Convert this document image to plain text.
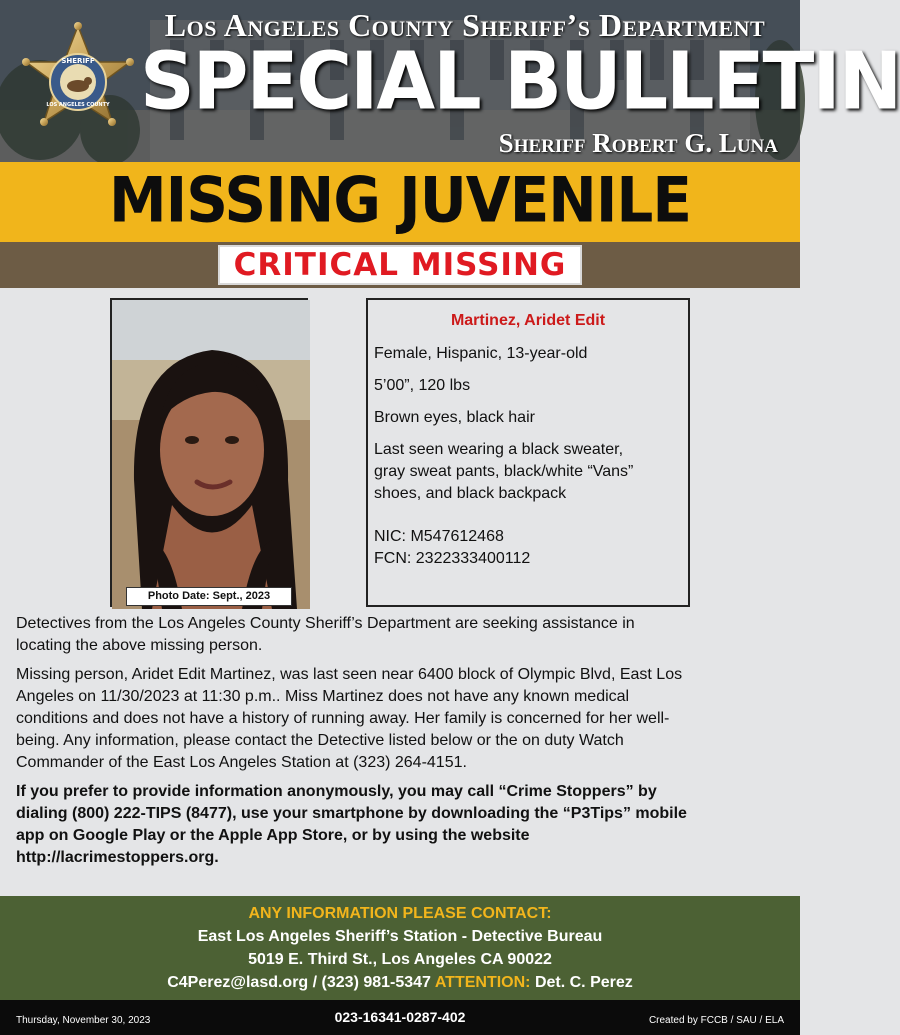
SHERIFF
LOS ANGELES COUNTY
Los Angeles County Sheriff’s Department
SPECIAL BULLETIN
Sheriff Robert G. Luna
MISSING JUVENILE
CRITICAL MISSING
Photo Date: Sept., 2023
Martinez, Aridet Edit
Female, Hispanic, 13-year-old
5’00”, 120 lbs
Brown eyes, black hair
Last seen wearing a black sweater,
gray sweat pants, black/white “Vans”
shoes, and black backpack
NIC: M547612468
FCN: 2322333400112
Detectives from the Los Angeles County Sheriff’s Department are seeking assistance in
locating the above missing person.
Missing person, Aridet Edit Martinez, was last seen near 6400 block of Olympic Blvd, East Los
Angeles on 11/30/2023 at 11:30 p.m.. Miss Martinez does not have any known medical
conditions and does not have a history of running away. Her family is concerned for her well-
being. Any information, please contact the Detective listed below or the on duty Watch
Commander of the East Los Angeles Station at (323) 264-4151.
If you prefer to provide information anonymously, you may call “Crime Stoppers” by
dialing (800) 222-TIPS (8477), use your smartphone by downloading the “P3Tips” mobile
app on Google Play or the Apple App Store, or by using the website
http://lacrimestoppers.org.
ANY INFORMATION PLEASE CONTACT:
East Los Angeles Sheriff’s Station - Detective Bureau
5019 E. Third St., Los Angeles CA 90022
C4Perez@lasd.org / (323) 981-5347 ATTENTION: Det. C. Perez
Thursday, November 30, 2023	023-16341-0287-402	Created by FCCB / SAU / ELA
